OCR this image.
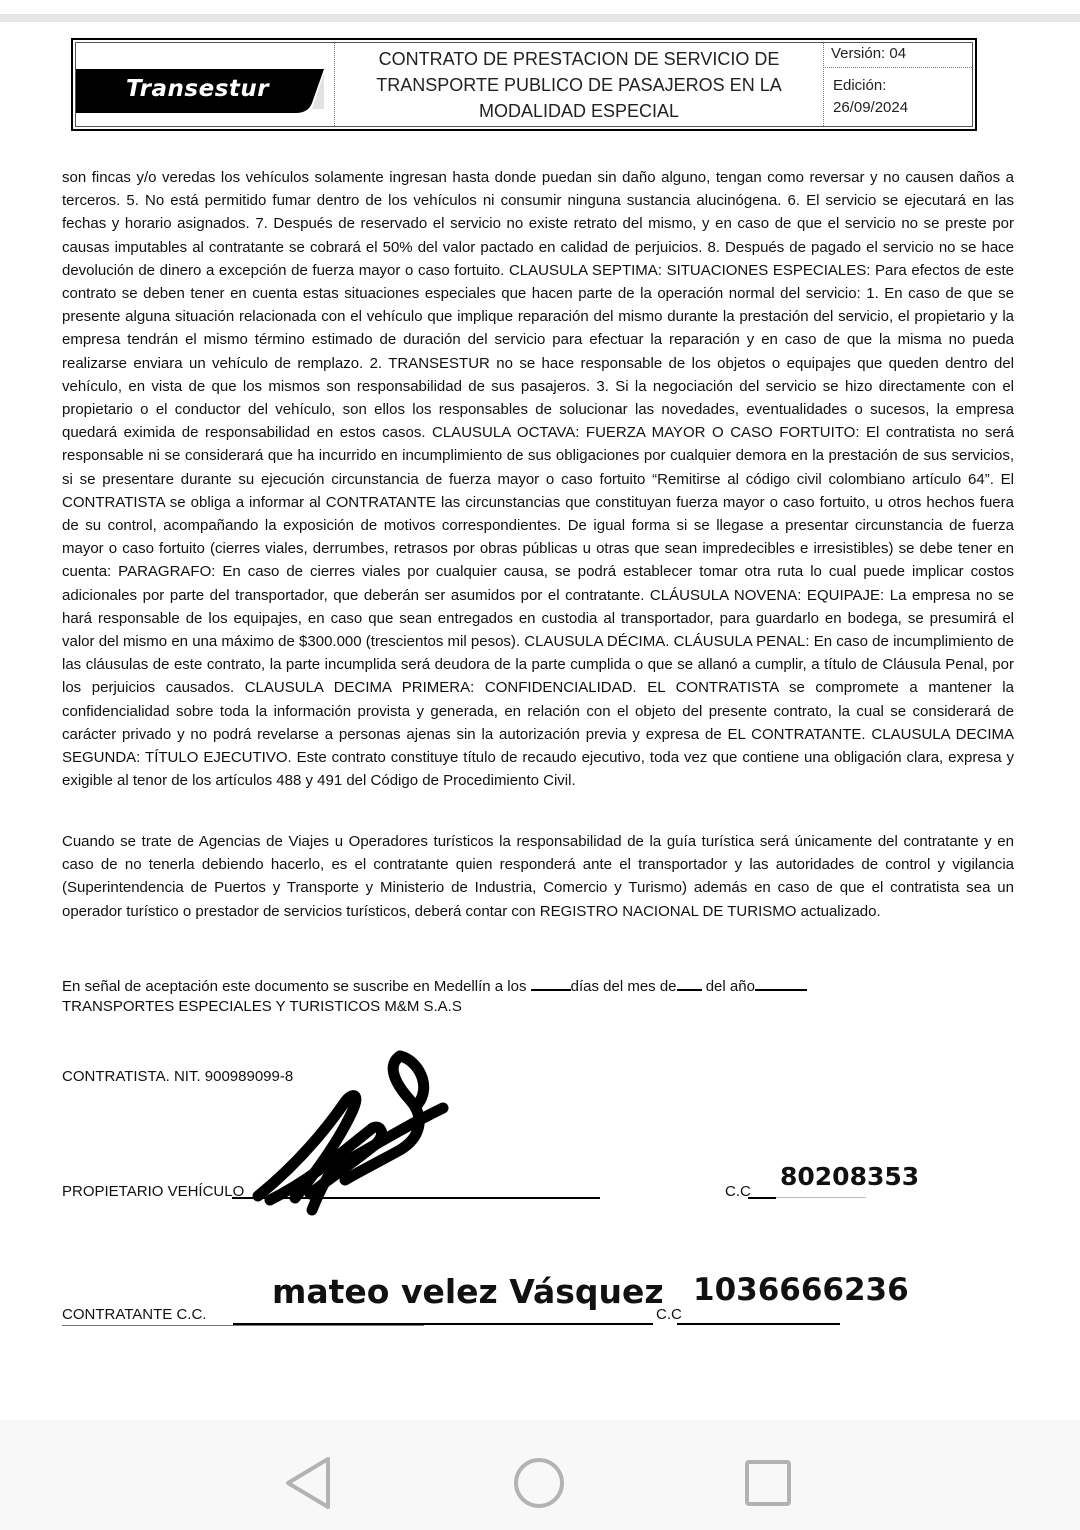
Transestur
CONTRATO DE PRESTACION DE SERVICIO DE
TRANSPORTE PUBLICO DE PASAJEROS EN LA
MODALIDAD ESPECIAL
Versión: 04
Edición:
26/09/2024
son fincas y/o veredas los vehículos solamente ingresan hasta donde puedan sin daño alguno, tengan como reversar y no causen daños a terceros. 5. No está permitido fumar dentro de los vehículos ni consumir ninguna sustancia alucinógena. 6. El servicio se ejecutará en las fechas y horario asignados. 7. Después de reservado el servicio no existe retrato del mismo, y en caso de que el servicio no se preste por causas imputables al contratante se cobrará el 50% del valor pactado en calidad de perjuicios. 8. Después de pagado el servicio no se hace devolución de dinero a excepción de fuerza mayor o caso fortuito. CLAUSULA SEPTIMA: SITUACIONES ESPECIALES: Para efectos de este contrato se deben tener en cuenta estas situaciones especiales que hacen parte de la operación normal del servicio: 1. En caso de que se presente alguna situación relacionada con el vehículo que implique reparación del mismo durante la prestación del servicio, el propietario y la empresa tendrán el mismo término estimado de duración del servicio para efectuar la reparación y en caso de que la misma no pueda realizarse enviara un vehículo de remplazo. 2. TRANSESTUR no se hace responsable de los objetos o equipajes que queden dentro del vehículo, en vista de que los mismos son responsabilidad de sus pasajeros. 3. Si la negociación del servicio se hizo directamente con el propietario o el conductor del vehículo, son ellos los responsables de solucionar las novedades, eventualidades o sucesos, la empresa quedará eximida de responsabilidad en estos casos. CLAUSULA OCTAVA: FUERZA MAYOR O CASO FORTUITO: El contratista no será responsable ni se considerará que ha incurrido en incumplimiento de sus obligaciones por cualquier demora en la prestación de sus servicios, si se presentare durante su ejecución circunstancia de fuerza mayor o caso fortuito “Remitirse al código civil colombiano artículo 64”. El CONTRATISTA se obliga a informar al CONTRATANTE las circunstancias que constituyan fuerza mayor o caso fortuito, u otros hechos fuera de su control, acompañando la exposición de motivos correspondientes. De igual forma si se llegase a presentar circunstancia de fuerza mayor o caso fortuito (cierres viales, derrumbes, retrasos por obras públicas u otras que sean impredecibles e irresistibles) se debe tener en cuenta: PARAGRAFO: En caso de cierres viales por cualquier causa, se podrá establecer tomar otra ruta lo cual puede implicar costos adicionales por parte del transportador, que deberán ser asumidos por el contratante. CLÁUSULA NOVENA: EQUIPAJE: La empresa no se hará responsable de los equipajes, en caso que sean entregados en custodia al transportador, para guardarlo en bodega, se presumirá el valor del mismo en una máximo de $300.000 (trescientos mil pesos). CLAUSULA DÉCIMA. CLÁUSULA PENAL: En caso de incumplimiento de las cláusulas de este contrato, la parte incumplida será deudora de la parte cumplida o que se allanó a cumplir, a título de Cláusula Penal, por los perjuicios causados. CLAUSULA DECIMA PRIMERA: CONFIDENCIALIDAD. EL CONTRATISTA se compromete a mantener la confidencialidad sobre toda la información provista y generada, en relación con el objeto del presente contrato, la cual se considerará de carácter privado y no podrá revelarse a personas ajenas sin la autorización previa y expresa de EL CONTRATANTE. CLAUSULA DECIMA SEGUNDA: TÍTULO EJECUTIVO. Este contrato constituye título de recaudo ejecutivo, toda vez que contiene una obligación clara, expresa y exigible al tenor de los artículos 488 y 491 del Código de Procedimiento Civil.
Cuando se trate de Agencias de Viajes u Operadores turísticos la responsabilidad de la guía turística será únicamente del contratante y en caso de no tenerla debiendo hacerlo, es el contratante quien responderá ante el transportador y las autoridades de control y vigilancia (Superintendencia de Puertos y Transporte y Ministerio de Industria, Comercio y Turismo) además en caso de que el contratista sea un operador turístico o prestador de servicios turísticos, deberá contar con REGISTRO NACIONAL DE TURISMO actualizado.
En señal de aceptación este documento se suscribe en Medellín a los	días del mes de del año
TRANSPORTES ESPECIALES Y TURISTICOS M&M S.A.S
CONTRATISTA. NIT. 900989099-8
PROPIETARIO VEHÍCULO	C.C
80208353
CONTRATANTE C.C.
mateo velez Vásquez
C.C
1036666236
